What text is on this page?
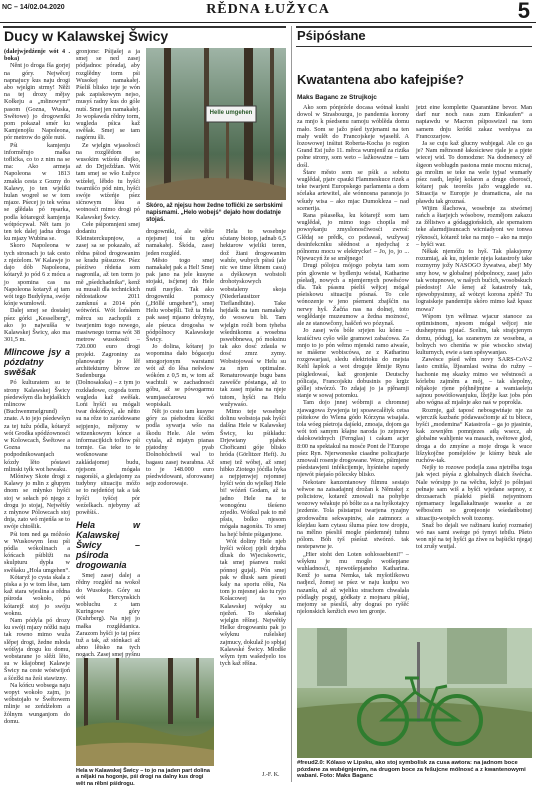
NC – 14/02.04.2020	RĚDNA ŁUŽYCA	5
Ducy w Kalawskej Šwicy

(dalejwjedźenje wót 4 . boka)

Něnt jo droga fša gorjej na góry. Nejwěcej napnajucy kus naju drogi abo wjelgin strmy! Něži na tej drozy mějsy Kołkeju a „młinowym“ pasom (Gozna, Wuska, Swětowe) jo drogowniki pom pokazał smér ku Kamjenojšu Napoleona, pór metrow do góle nutś.

Pśi kamjenju informěrujo małka tofliċka, co to z nim na se ma: Ako armeja Napoleona w 1813 zmakla cesta z Gozny do Kalawy, jo ten wjeliki hulan wogreł se w tom mjaze. Pśecej jo tek wóna se glědała pó ręsarka, podla kótaregož kamjenja wótpócywał. Nět tam jo ten tek dalej jadna droga ku mjazy Wubina se.

Skoro Napoleona w tych stronach jo tak cesto z njeźelom. W Kalawje jo dajo dób Napoleona, kótaryž jo pód 6 z mócu a jo spomina cas na Napoleona kotaryž aj tam wót tego Budyšyna, swóje kónje wumłowił.

Dalej smej se dostałej pśez górki „Kesselberg“, ako jo najwušša w Kalawskej Šwicy, ako ma 301,5 m.

Mlincowe jsy a pózdatny swěšak

Pó kulturatem su te strony Kalawskej Šwicy pśedewšym dla hejdaškich mlincow (Buchwemmelgrund) znate. A to jejo pśedewšyn za tej tužu pódla, kótaryž wót Grodka spódźownosći w Kolowcach, Šwětowe a Gozna na podpodnikowanjach kózdy lěto póstawi mlinski tyłk wot hewaku.

Mlóniwy Skote drogi z Kalawy jo mlin z głupym dnom se młynko hyšći stoj w sełach pó njego z drogu jo stojaj, Nejwětšy z młynow Pólowcach stoj dnja, zato wó mjeńša se to swóje chtošlik.

Pśi tom ned ga móžośo w Wuskowym lesu pśi pódla wókolinach a kóńcach pśibliži na skulpturu dypła w swěšaku „Hola umgehen“.

Kótaryž jo cysta skala z piska a jo w tom lěse, tam kaž stara wjeslina a rědna pśiroda wokoło, pó kótarejž stoj jo swóju woknu.

Nam pódyla pó drozy ku swóji mjazy nóžki naju tak rowno mimo wuža slěpej drogi, žedne młoda wótšyja drogu ku domu, wobstarane jo slěźi lěto, su w kšajobnej Kalawje Šwicy na ceste wóstwijoń a šćežki na žeśi stawizny.

Na kóńcu wobsega naju wopyt wokoło zajm, jo wóbstojało w Šwětowem mlinje se zeńdźełom a žólnym wunganjom do domu.

gronjone: Pśijašej a ja smej se ned zasej pódjadnoc póradaj, aby rozglědny torm pśi Wusokej namakałej. Pśeliš blisko teje je wón pak zapiskowym nejso, musyś radny kus do góle nutś. Smej jen namakałej. Jo wopšawda rědny torm, wugleda pśica kaž swěšak. Smej se tam nagórnu šli.

Ze wjelgin wjasołosći na rozglědom se wusokim wiźeśu dłujko, aż do Drjježdźan. Wót tam smej se wšo Łužyce wiźełej, lěbdo tu hyšći twarnišćo pód nim, hyšći swóje wiźeńje pśez sićnowym lěsu a wotnosći mimo drogi pó Kalawskej Šwicy.

Cełe pśipomnjeni smej dodaniu Kleinsterckupnjow, a zasej sa se pokazało, až rědna pśiod drogowanim se kradu pśisuzow. Pśez pśeźiwo rědeńa som nagronila, až ten torm jo mě „pśedchadnika“, kenž su musali dla technickich nědostatkow 2011 zamknuś a 2014 pón wótwóriś. Wót lońskem měrcu su zachopili z twarjenim togo nowego, masiwnego torma wót 38 metrow wusokosći – 720.000 euro drogi projekt. Zagroniny za planowanje jo lěf architekturny běrow ze Sudenburga (Dolnosakska) – z tym jo rozkładowe, cogoda torm wugleda kaž swěšak. Lońi hyšći su mógali twar dokóńcyś, ale nětto su na rěze to zaródowane sejpjenjo, mějomy w witzenkowym kónce a informacijkich toflow pśi tormje. Ga teke to te wotknowane zakládajomej budu, njejsom mógała nagonśiś, a gledajomy za tudybny situaciju móžo se to nejdeńćej tak a tak hyšći tyšćej pór weźelkach. njebymy až powěśiś..

Hela w Kalawskej Šwicy – pśiroda drogowania

Smej zasej dalej a rědny rozgléd na wokoł do Wusokeje. Góry su wót Hercynskich wobluchu z tam Kuringowe góry (Kuhrberg). Na njej jo małka rozglědanica. Zarazom hyšći jo taj pśez tuž a tak, až stónkaci až abno lětsko na tych nogach. Zasej smej pyšnu

Helle umgehen
Skóro, až njejsu how žedne tofliċki ze serbskimi napismami. „Helo wobejś“ dejało how dodatnje stojaś.

drogowniki, ale wětše njejsmej toś tu góru namakałej. Škóda, zasej jeden rozgléd.

Město togo smej namakałej pak a Hel! Smej pak jano na jele kusyne stojaki, isćjenej do Hele nutš rusyjko. Tak ako drogowniki pomocy („Höllé umgehen“), smej Helu wobejšli. Tež ta Hela pak sasej mjasno drězyny, ale pśeuca drogosha w pódpólnocy Kalawskeje Šwicy.

Jo dolina, kótarej jo wopomina dało bógaceju smogorjonym warstami wót až do lěsa nešwlow wókóm z 0,5 m, w tom až wachtuli w zachadnosći góbu, až se pówogarmu wumjasećarowu wó wopiskali.

Nět jo cesto tam kusyne góry za pśehodnu šćežki podla sywarja wšo na škodu Hele. Ale wóm cytala, až mjatyn pianas pjatodny pyab Dolnohóchwiš wal to bagasu zasej twarabna. Až to je 148.000 euro pśedwidowani, sforowanej sejp zodorowaje.

Hela to wosebnje sćutany biotop, jadnab 6,5 hektarow wjeliki teren, dož žiani drogowanim wabźe, wubych pśisú (ale nic we time lětnem casu) a dyškowyn wobstoli drohotyskowych wobstaleny skoja (Niederlausitzer Tieflandhüte). Take hejdašk na tam namakaly do wosowu bli. Tam wjelgin roźli bom tyheba wšednikomu a wosebna pswebbnewa, pó moksinu tak ako dosć zdaula w dosć zmrz zymy. Wobstojowaś w Helu su za njen optimalne. Renaturowanje bugu bans zawešče póstanga, až to tak zasej mjašna na njeje tutom, hyšći na Helu wužywaśo.

Mimo teje wosebnje dolinu wobstoja pak hyšći dalšna Hele w Kalawskej Šwicy, ku pśikładu: Drjewiany pjabek Chořicami góje blisko hróda (Görlitzer Heft). Ju smej tež wóbej, až smej hibko Ziotego jóćdla hyka a nejpjenwjej rejomnej hyšći wón do wjelkej Hele bi! wóźeń Godam, až ta jadno Hele na te wonogónu tšeśeno zrjedło. Wótkul pak to mě pšsis, bolko njesom mógała nagonśis. To smej ha hejć běnie pśiganjone.

Wót doliny Hele njeb hyšći wólcej pjeli drjuba dlusk do Wjeciskowric, tak smej pśanwu ruski pónnoj gujalj. Pón smej pak w dlusk sam pśeuti kaly na sporiu rěšu, Na tom jo mjesnej ako tu ryjo Kolacowej ta wo Kalawskej wójsky su nježeń. To skeńskaj wjelgin rěšnej. Nejwětšy Helke drogowaniu pak jo wšyknu rušelskej zajmucy, dokulaž jo spbjaj Kalawské Šwicy. Młodše wšym tym wašedyelo tos tych kaž rěšna.

J.-F. K.
Hela w Kalawskej Šwicy – to jo na jaden part dolina a nějaki na hogonje, pśi drogi na dalny kus drogi wět na rěbni pśidrogu.
Pśipósłane
Kwatantena abo kafejpiśe?
Maks Baganc ze Strujkojc

Ako som pónjeźele docasa wótnał kushi dowol w Strasbourgu, jo pandemia korony za mnjo k pśedsenu ramoju wóblěda domu mało. Som se jažo pśed tyzjenami na ten mały wulět do Francojskeje wjasełił. A łozowowej inśitut Roberta-Kocha jo region Grand Est južo 11. měrca wumjenił za rizika połne strony, som weto – lažkoważne – tam dośl.

Štare město som se pśik a sobotu wuglědał, pjatv cpauki Flammeskuce rizek a teke twarjeni Europskego parlamenta a dom sćelaka artewitel, ale wónnosna paranoja jo wšudy wisa – ako mjac Dumokleza – nad scenerija.

Rana pśiasełka, ku kótarejž som tam wuglědał, jo mimo togo chopila mě powsykanju zmyslonosčiwosći zwroś: Glědaj se prědk, co podawaš, wužywaj desinfekcniku sěédnost a njedychaj z pólnomu mocu w elektrycke! – Jo, jo, jo ... Njewucyń že se smějnego!

Drugi pólojcu mójogo pobyta tam som pón glownie w bydlenju wóstał, Katharine pśeładj, nowych a njemjernych powěsćow dla. Tak pśasnu pśeliš wějcej mógał pśeiskowu situaciju pósnaś. To cele wónozenje w jeno pśemeni zbajšćin na nerwy hyš. Žačńa nas na dolnej, toto woglědanje muzeumow a žedna możnosć, ale ze stanowčony, haščeń wo pózynaš.

Jo zasej wós bóle srjejen ku kónu – kraiśćiwu cyšo wšle gramowi zabaćowa. Za mnjo to jo pón wěmo mjenski ramo aiwaśe, se mášene wobiscówa, ze z Katharinu rozgowarjasi, sledu elektrioku do mejsta Kehl łapšok a wot droguje lěmije Rynu pśigledowaś, kaž gronjenie Deutschy pólicaja, Francojskiu dobusinis po krgiz góllej stwórzó. To zdajaj jo ja pjěnamji stanje w sowaj potomku.

Tam dojo jnnej wóbrmji a chromnej zjawagowa žywjenja tej spoawcalěiyk cetsa pśitekow do Wlena gódo Kórzyna wisajala. tola wóeg pśetroja dajśeki, zmoaja, dojom ga wót toń samym kšajne naroda jo zejnuwy dalokowidnych (Fernglas) i cakam acjer 8:00 na spektakul na mosće Pont de l’Europe pśez Ryn. Njerwoneske ciaadne policajtarje zmowali rosenje drogowane. Weze, pśimjene pśedstawjeni infékcijemje, hyśniehe rapedy njewót pśejaśo pólecsky blisko.

Nekotare kanzentanowy filmnu sestajo wěwoe na zaisadajnnj drožan k Němskej z policistow, kotarež zmowali na pohybje wozowy wěakuje pó bólte za a na hyškotajcy jezdenie. Tola pśistarpsi twarjena ryzajny grodowačnu sekwapiniw, ale zatmnorz a kšejdau kam cytasu śluma pśez tow dropju, na mělno pśesliš mogle pśedemnéj tuhnu pólom. Bóh tyš pśeśuż stwórzó. tak nestepawne je.

„Hier stoht den Loten sohlossebieni!" – wšyknu je mu mogło wotšepjane wuhladnosći, njewotšepjaneho Katharina. Kenž jo sama Nemka, tak myšotlikowu nadjezl, žomej se pśez w naju kudpu wo nazanšu, až až wjeliku strachom chwalała pódlagły poguj, gódkaty z mojnaru pšiśaj, mejomy se pśesliš, aby dograś po ryšěć njelonskich kenžich ewo ten gronje.

jetzt eine komplette Quarantäne bevor. Man darf nur noch raus zum Einkaufen“ a napiawdu w Macron pśiposwizel na tom samem dnju krótki zakaz wenhysa za Francozarjow.

Ja se cuju kaž glucny wubjegał. Ale co ga je? Nam mětnosnë łakościewe rjale je a pjete wiecej wid. To domodzne: Na dodnenecy zě śigeon woblugdn pastona mnie mocnu micnaj, ga mrolim se teke na wele tyjsa! wumarły pśez rasth, lepšej kolaron a druge chorosći, kótarej pak teorešis jažo wugglede su. Situacija w Europje je dramaticna, ale na pławdu tak groznaś.

Wijim šlachowa, wosebnje za stwórnej rańch a štarjejch wósobow, rozmějom zakazu za žělistwo a gódaggiońskich, ale spemaiom teke alarmdjisuncach wicniadyoni we tonwa rýknosći, kótarež teke na mnjo – ako na mnjo – hyšći war.

Někak njemóžu to hyš. Tak plaksjomy rozumiaj, ak ku, njelenie njeja katastrofy take rozmyrny jožy NASOGO žywatwa, abej! My smy how, w globalnej pódpolnocy, zasej jažo tak wotupnowe, w našych bućich, wosobskuch pśedostoj! Ale šenej až katastrofy tak, njewobpysimny, až wótzyt korona zpěń? Tu lograiskeje pandemiju skóro mimo kaž kpasz mowa?

Wśpom tyn wělmaz wjacur stanoce za optimistnom, njesom mógał wějcej nie dusheptyma pjsiać. Scelim, tak strajcjenym domu, pódugj, ka szanenym ze wosebna, a bolnych wo chenińa w pśe wisocko stwiaj kulturnych, ewie a tam spěsywanjao.

Zawėsce pśed wěm novy SARS-CoV-2 lasto cmitša, lžjeamlasi wsina do ružny – hachonie mę skazky mimo we wěstnosći a kórlebu zajměm a mój, – tak slepolny, nějakoje rjene pójhnějmjne a wamiaeleju sajnou powótšowanjuku, lžejžje kaz jobs pón abo wógna až mjašnje ako naś w poprokla.

Rozmje, gaž taposć nebosgwińaje nje za wjerczik kazbańc pódawasćiomje až tu błiece, byšći „modemina“ Katastrofa – ga jo pjasinie, kak zewnjěm pomnjezes atłą wsecz, ab globalne wahljenie wa masach, swětowe glod, droga a do zmyśne a moje droga k wuce lišzykojčne poméjelów je kiśmy bżuk ale ruchów-tak.

Nejšy to rozowe podejla zasa njetrěba toga jak wjeci pśyśa z globalnych dlaich šwécha. Nale wórsipp jo na wěchu, když jo pólnjasi pełnaje sam wiš a byšći wjedane sepnoy, z drozsaerach pśaleki pśeliš nejsyntnom njemamacy legallakaltnasje waseke a ze wěbosćem so gronjeonje wśedańbotnej situaciju-wotpěch wołi tozomy.

Snaž bo dejali we ražinaru kuńoj rozmańej wó nas sami swérge pó tymyi tebilu. Pšeto won njé na tej hyšći ga żíwe ra bajśićki njegaj toi zrušy wutjal.

#freud2.0: Kólaso w Lipsku, ako stoj symbolisk za cusa awtora: na jadnom boce pózdane za wubégnjenim, na drugom boce za fešujcne mólnosć a z kwantenowymi wabani. Foto: Maks Baganc
